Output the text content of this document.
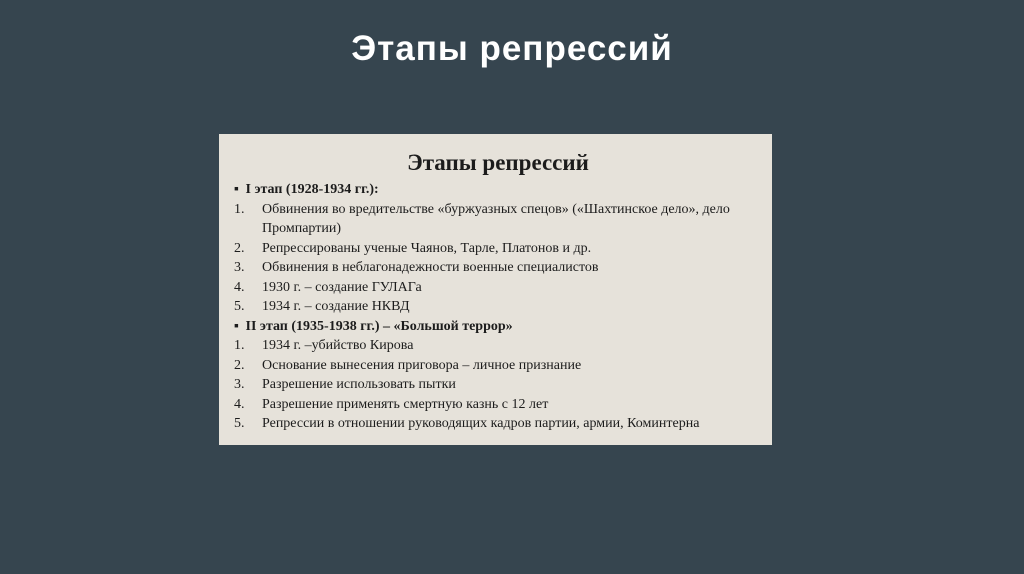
Этапы репрессий
Этапы репрессий
▪ I этап (1928-1934 гг.):
1.	Обвинения во вредительстве «буржуазных спецов» («Шахтинское дело», дело Промпартии)
2.	Репрессированы ученые Чаянов, Тарле, Платонов и др.
3.	Обвинения в неблагонадежности военные специалистов
4.	1930 г. – создание ГУЛАГа
5.	1934 г. – создание НКВД
▪ II этап (1935-1938 гг.) – «Большой террор»
1.	1934 г. –убийство Кирова
2.	Основание вынесения приговора – личное признание
3.	Разрешение использовать пытки
4.	Разрешение применять смертную казнь с 12 лет
5.	Репрессии в отношении руководящих кадров партии, армии, Коминтерна
